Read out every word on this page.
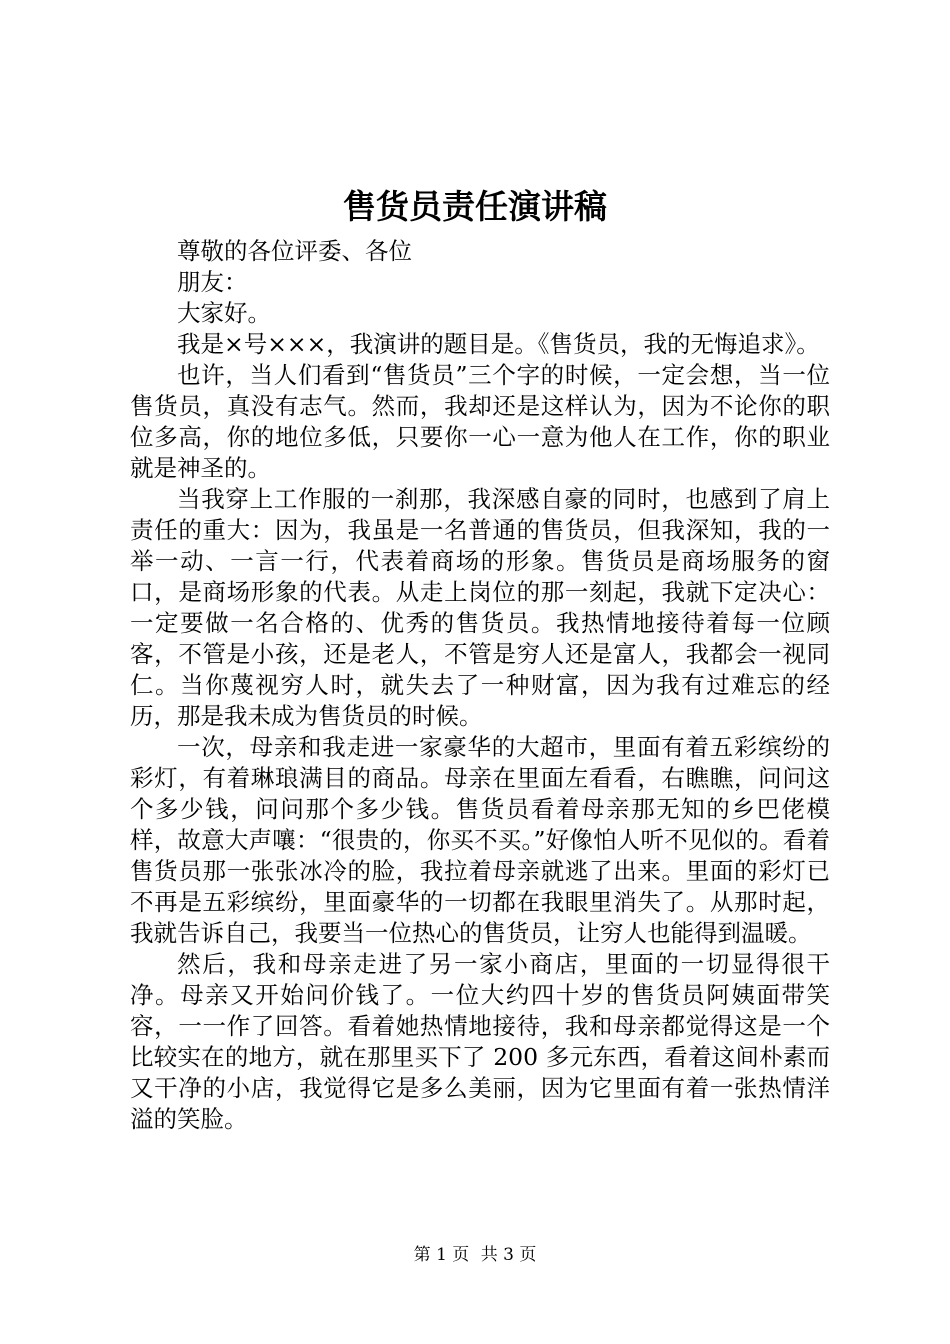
售货员责任演讲稿

尊敬的各位评委、各位

朋友：

大家好。

我是×号×××，我演讲的题目是。《售货员，我的无悔追求》。

也许，当人们看到“售货员”三个字的时候，一定会想，当一位售货员，真没有志气。然而，我却还是这样认为，因为不论你的职位多高，你的地位多低，只要你一心一意为他人在工作，你的职业就是神圣的。

当我穿上工作服的一刹那，我深感自豪的同时，也感到了肩上责任的重大：因为，我虽是一名普通的售货员，但我深知，我的一举一动、一言一行，代表着商场的形象。售货员是商场服务的窗口，是商场形象的代表。从走上岗位的那一刻起，我就下定决心：一定要做一名合格的、优秀的售货员。我热情地接待着每一位顾客，不管是小孩，还是老人，不管是穷人还是富人，我都会一视同仁。当你蔑视穷人时，就失去了一种财富，因为我有过难忘的经历，那是我未成为售货员的时候。

一次，母亲和我走进一家豪华的大超市，里面有着五彩缤纷的彩灯，有着琳琅满目的商品。母亲在里面左看看，右瞧瞧，问问这个多少钱，问问那个多少钱。售货员看着母亲那无知的乡巴佬模样，故意大声嚷：“很贵的，你买不买。”好像怕人听不见似的。看着售货员那一张张冰冷的脸，我拉着母亲就逃了出来。里面的彩灯已不再是五彩缤纷，里面豪华的一切都在我眼里消失了。从那时起，我就告诉自己，我要当一位热心的售货员，让穷人也能得到温暖。

然后，我和母亲走进了另一家小商店，里面的一切显得很干净。母亲又开始问价钱了。一位大约四十岁的售货员阿姨面带笑容，一一作了回答。看着她热情地接待，我和母亲都觉得这是一个比较实在的地方，就在那里买下了 200 多元东西，看着这间朴素而又干净的小店，我觉得它是多么美丽，因为它里面有着一张热情洋溢的笑脸。

第 1 页 共 3 页
